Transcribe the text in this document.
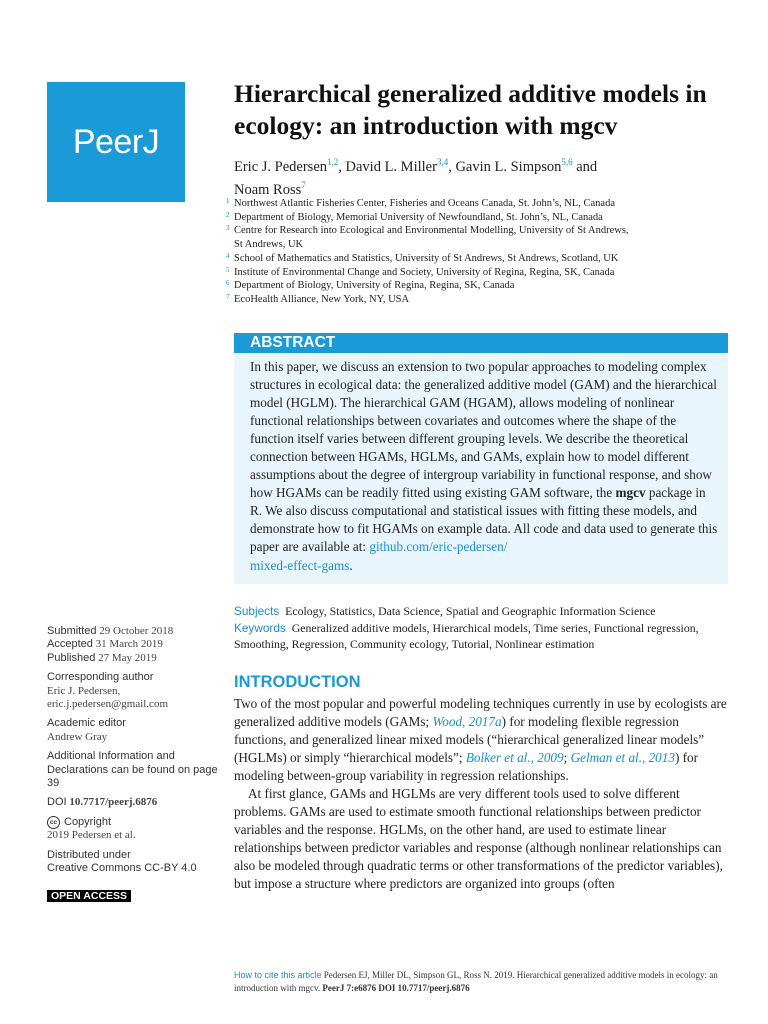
PeerJ
Hierarchical generalized additive models in ecology: an introduction with mgcv
Eric J. Pedersen$^{1,2}$, David L. Miller$^{3,4}$, Gavin L. Simpson$^{5,6}$ and
Noam Ross$^7$
1 Northwest Atlantic Fisheries Center, Fisheries and Oceans Canada, St. John’s, NL, Canada
2 Department of Biology, Memorial University of Newfoundland, St. John’s, NL, Canada
3 Centre for Research into Ecological and Environmental Modelling, University of St Andrews,
St Andrews, UK
4 School of Mathematics and Statistics, University of St Andrews, St Andrews, Scotland, UK
5 Institute of Environmental Change and Society, University of Regina, Regina, SK, Canada
6 Department of Biology, University of Regina, Regina, SK, Canada
7 EcoHealth Alliance, New York, NY, USA
ABSTRACT
In this paper, we discuss an extension to two popular approaches to modeling complex structures in ecological data: the generalized additive model (GAM) and the hierarchical model (HGLM). The hierarchical GAM (HGAM), allows modeling of nonlinear functional relationships between covariates and outcomes where the shape of the function itself varies between different grouping levels. We describe the theoretical connection between HGAMs, HGLMs, and GAMs, explain how to model different assumptions about the degree of intergroup variability in functional response, and show how HGAMs can be readily fitted using existing GAM software, the mgcv package in R. We also discuss computational and statistical issues with fitting these models, and demonstrate how to fit HGAMs on example data. All code and data used to generate this paper are available at: github.com/eric-pedersen/
mixed-effect-gams.
Subjects Ecology, Statistics, Data Science, Spatial and Geographic Information Science
Keywords Generalized additive models, Hierarchical models, Time series, Functional regression, Smoothing, Regression, Community ecology, Tutorial, Nonlinear estimation
Submitted 29 October 2018
Accepted 31 March 2019
Published 27 May 2019
Corresponding author
Eric J. Pedersen,
eric.j.pedersen@gmail.com
Academic editor
Andrew Gray
Additional Information and Declarations can be found on page 39
DOI 10.7717/peerj.6876
cc Copyright
2019 Pedersen et al.
Distributed under
Creative Commons CC-BY 4.0
OPEN ACCESS
INTRODUCTION
Two of the most popular and powerful modeling techniques currently in use by ecologists are generalized additive models (GAMs; Wood, 2017a) for modeling flexible regression functions, and generalized linear mixed models (“hierarchical generalized linear models” (HGLMs) or simply “hierarchical models”; Bolker et al., 2009; Gelman et al., 2013) for modeling between-group variability in regression relationships.
At first glance, GAMs and HGLMs are very different tools used to solve different problems. GAMs are used to estimate smooth functional relationships between predictor variables and the response. HGLMs, on the other hand, are used to estimate linear relationships between predictor variables and response (although nonlinear relationships can also be modeled through quadratic terms or other transformations of the predictor variables), but impose a structure where predictors are organized into groups (often
How to cite this article Pedersen EJ, Miller DL, Simpson GL, Ross N. 2019. Hierarchical generalized additive models in ecology: an introduction with mgcv. PeerJ 7:e6876 DOI 10.7717/peerj.6876
